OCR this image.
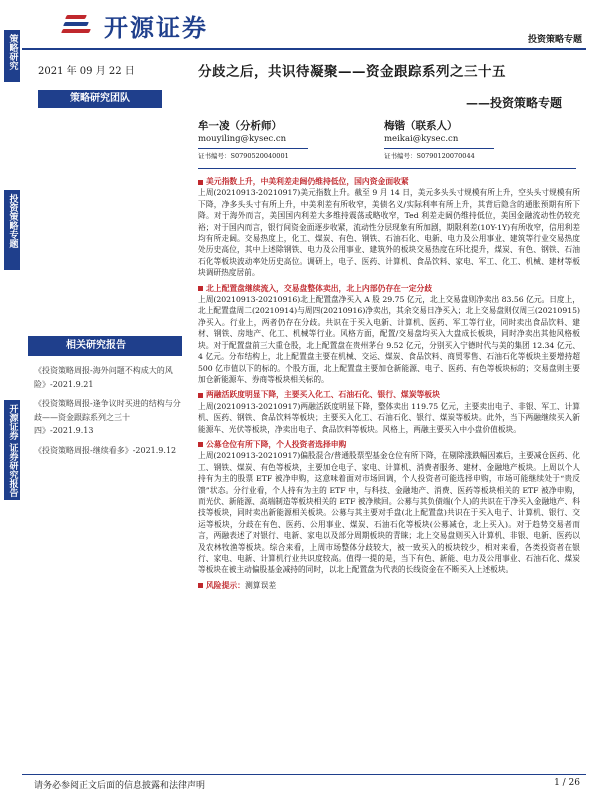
开源证券	投资策略专题
策略研究
投资策略专题
开源证券 证券研究报告
2021 年 09 月 22 日
策略研究团队
相关研究报告
《投资策略周报-海外问题不构成大的风险》-2021.9.21
《投资策略周报-逢争议时买进的结构与分歧——资金跟踪系列之三十四》-2021.9.13
《投资策略周报-继续看多》-2021.9.12
分歧之后，共识待凝聚——资金跟踪系列之三十五
——投资策略专题
牟一凌（分析师）
mouyiling@kysec.cn
证书编号：S0790520040001
梅锴（联系人）
meikai@kysec.cn
证书编号：S0790120070044
美元指数上升，中美利差走阔仍维持低位，国内资金面收紧

上周(20210913-20210917)美元指数上升。截至 9 月 14 日，美元多头头寸规模有所上升，空头头寸规模有所下降，净多头头寸有所上升，中美利差有所收窄，美债名义/实际利率有所上升，其背后隐含的通胀预期有所下降。对于海外而言，美国国内利差大多维持震荡或略收窄，Ted 利差走阔仍维持低位，美国金融流动性仍较充裕；对于国内而言，银行间资金面逐步收紧，流动性分层现象有所加剧，期限利差(10Y-1Y)有所收窄，信用利差均有所走阔。交易热度上，化工、煤炭、有色、钢铁、石油石化、电新、电力及公用事业、建筑等行业交易热度处历史高位，其中上述除钢铁、电力及公用事业、建筑外的板块交易热度在环比提升，煤炭、有色、钢铁、石油石化等板块波动率处历史高位。调研上，电子、医药、计算机、食品饮料、家电、军工、化工、机械、建材等板块调研热度居前。

北上配置盘继续流入，交易盘整体卖出，北上内部仍存在一定分歧

上周(20210913-20210916)北上配置盘净买入 A 股 29.75 亿元，北上交易盘则净卖出 83.56 亿元。日度上，北上配置盘周二(20210914)与周四(20210916)净卖出，其余交易日净买入；北上交易盘则仅周三(20210915)净买入。行业上，两者仍存在分歧。共识在于买入电新、计算机、医药、军工等行业，同时卖出食品饮料、建材、钢铁、房地产、化工、机械等行业。风格方面，配置/交易盘均买入大盘成长板块，同时净卖出其他风格板块。对于配置盘前三大重仓股，北上配置盘在贵州茅台 9.52 亿元，分别买入宁德时代与美的集团 12.34 亿元、4 亿元。分布结构上，北上配置盘主要在机械、交运、煤炭、食品饮料、商贸零售、石油石化等板块主要增持超 500 亿市值以下的标的。个股方面，北上配置盘主要加仓新能源、电子、医药、有色等板块标的；交易盘则主要加仓新能源车、券商等板块相关标的。

两融活跃度明显下降，主要买入化工、石油石化、银行、煤炭等板块

上周(20210913-20210917)两融活跃度明显下降，整体卖出 119.75 亿元，主要卖出电子、非银、军工、计算机、医药、钢铁、食品饮料等板块；主要买入化工、石油石化、银行、煤炭等板块。此外，当下两融继续买入新能源车、光伏等板块，净卖出电子、食品饮料等板块。风格上，两融主要买入中小盘价值板块。

公募仓位有所下降，个人投资者选择申购

上周(20210913-20210917)偏股混合/普通股票型基金仓位有所下降，在剔除涨跌幅因素后，主要减仓医药、化工、钢铁、煤炭、有色等板块，主要加仓电子、家电、计算机、消费者服务、建材、金融地产板块。上周以个人持有为主的股票 ETF 被净申购，这意味着面对市场回调，个人投资者可能选择申购，市场可能继续处于“贵反馈”状态。分行业看，个人持有为主的 ETF 中，与科技、金融地产、消费、医药等板块相关的 ETF 被净申购，而光伏、新能源、高端制造等板块相关的 ETF 被净赎回。公募与其负债端(个人)的共识在于净买入金融地产、科技等板块，同时卖出新能源相关板块。公募与其主要对手盘(北上配置盘)共识在于买入电子、计算机、银行、交运等板块，分歧在有色、医药、公用事业、煤炭、石油石化等板块(公募减仓，北上买入)。对于趋势交易者而言，两融表述了对银行、电新、家电以及部分周期板块的青睐；北上交易盘则买入计算机、非银、电新、医药以及农林牧渔等板块。综合来看，上周市场整体分歧较大，被一致买入的板块较少，相对来看，各类投资者在银行、家电、电新、计算机行业共识度较高。值得一提的是，当下有色、新能、电力及公用事业、石油石化、煤炭等板块在被主动偏股基金减持的同时，以北上配置盘为代表的长线资金在不断买入上述板块。

风险提示：测算误差
请务必参阅正文后面的信息披露和法律声明	1 / 26
